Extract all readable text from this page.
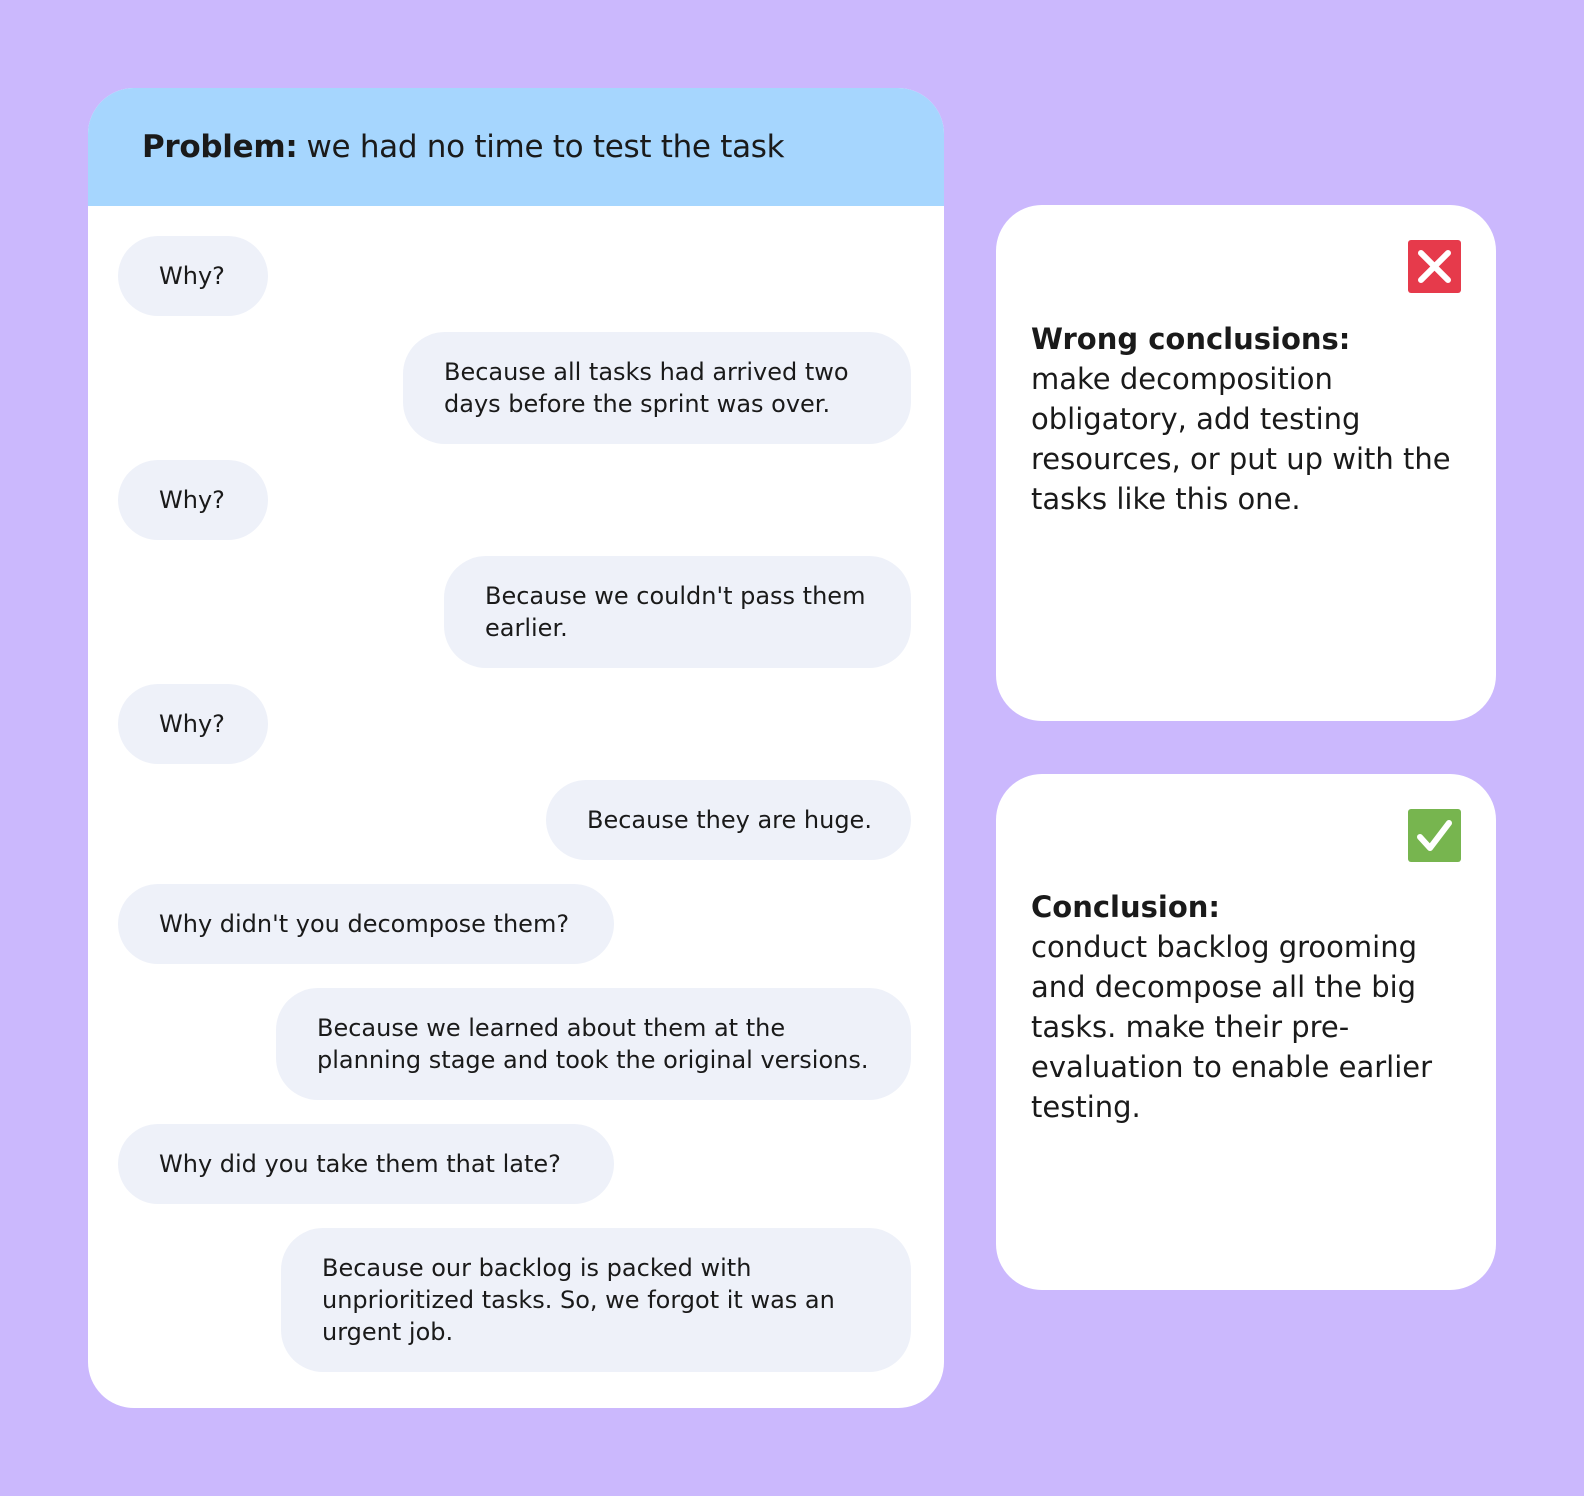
Problem: we had no time to test the task
Why?
Because all tasks had arrived two days before the sprint was over.
Why?
Because we couldn't pass them earlier.
Why?
Because they are huge.
Why didn't you decompose them?
Because we learned about them at the planning stage and took the original versions.
Why did you take them that late?
Because our backlog is packed with unprioritized tasks. So, we forgot it was an urgent job.
Wrong conclusions:
make decomposition obligatory, add testing resources, or put up with the tasks like this one.
Conclusion:
conduct backlog grooming and decompose all the big tasks. make their pre-evaluation to enable earlier testing.
